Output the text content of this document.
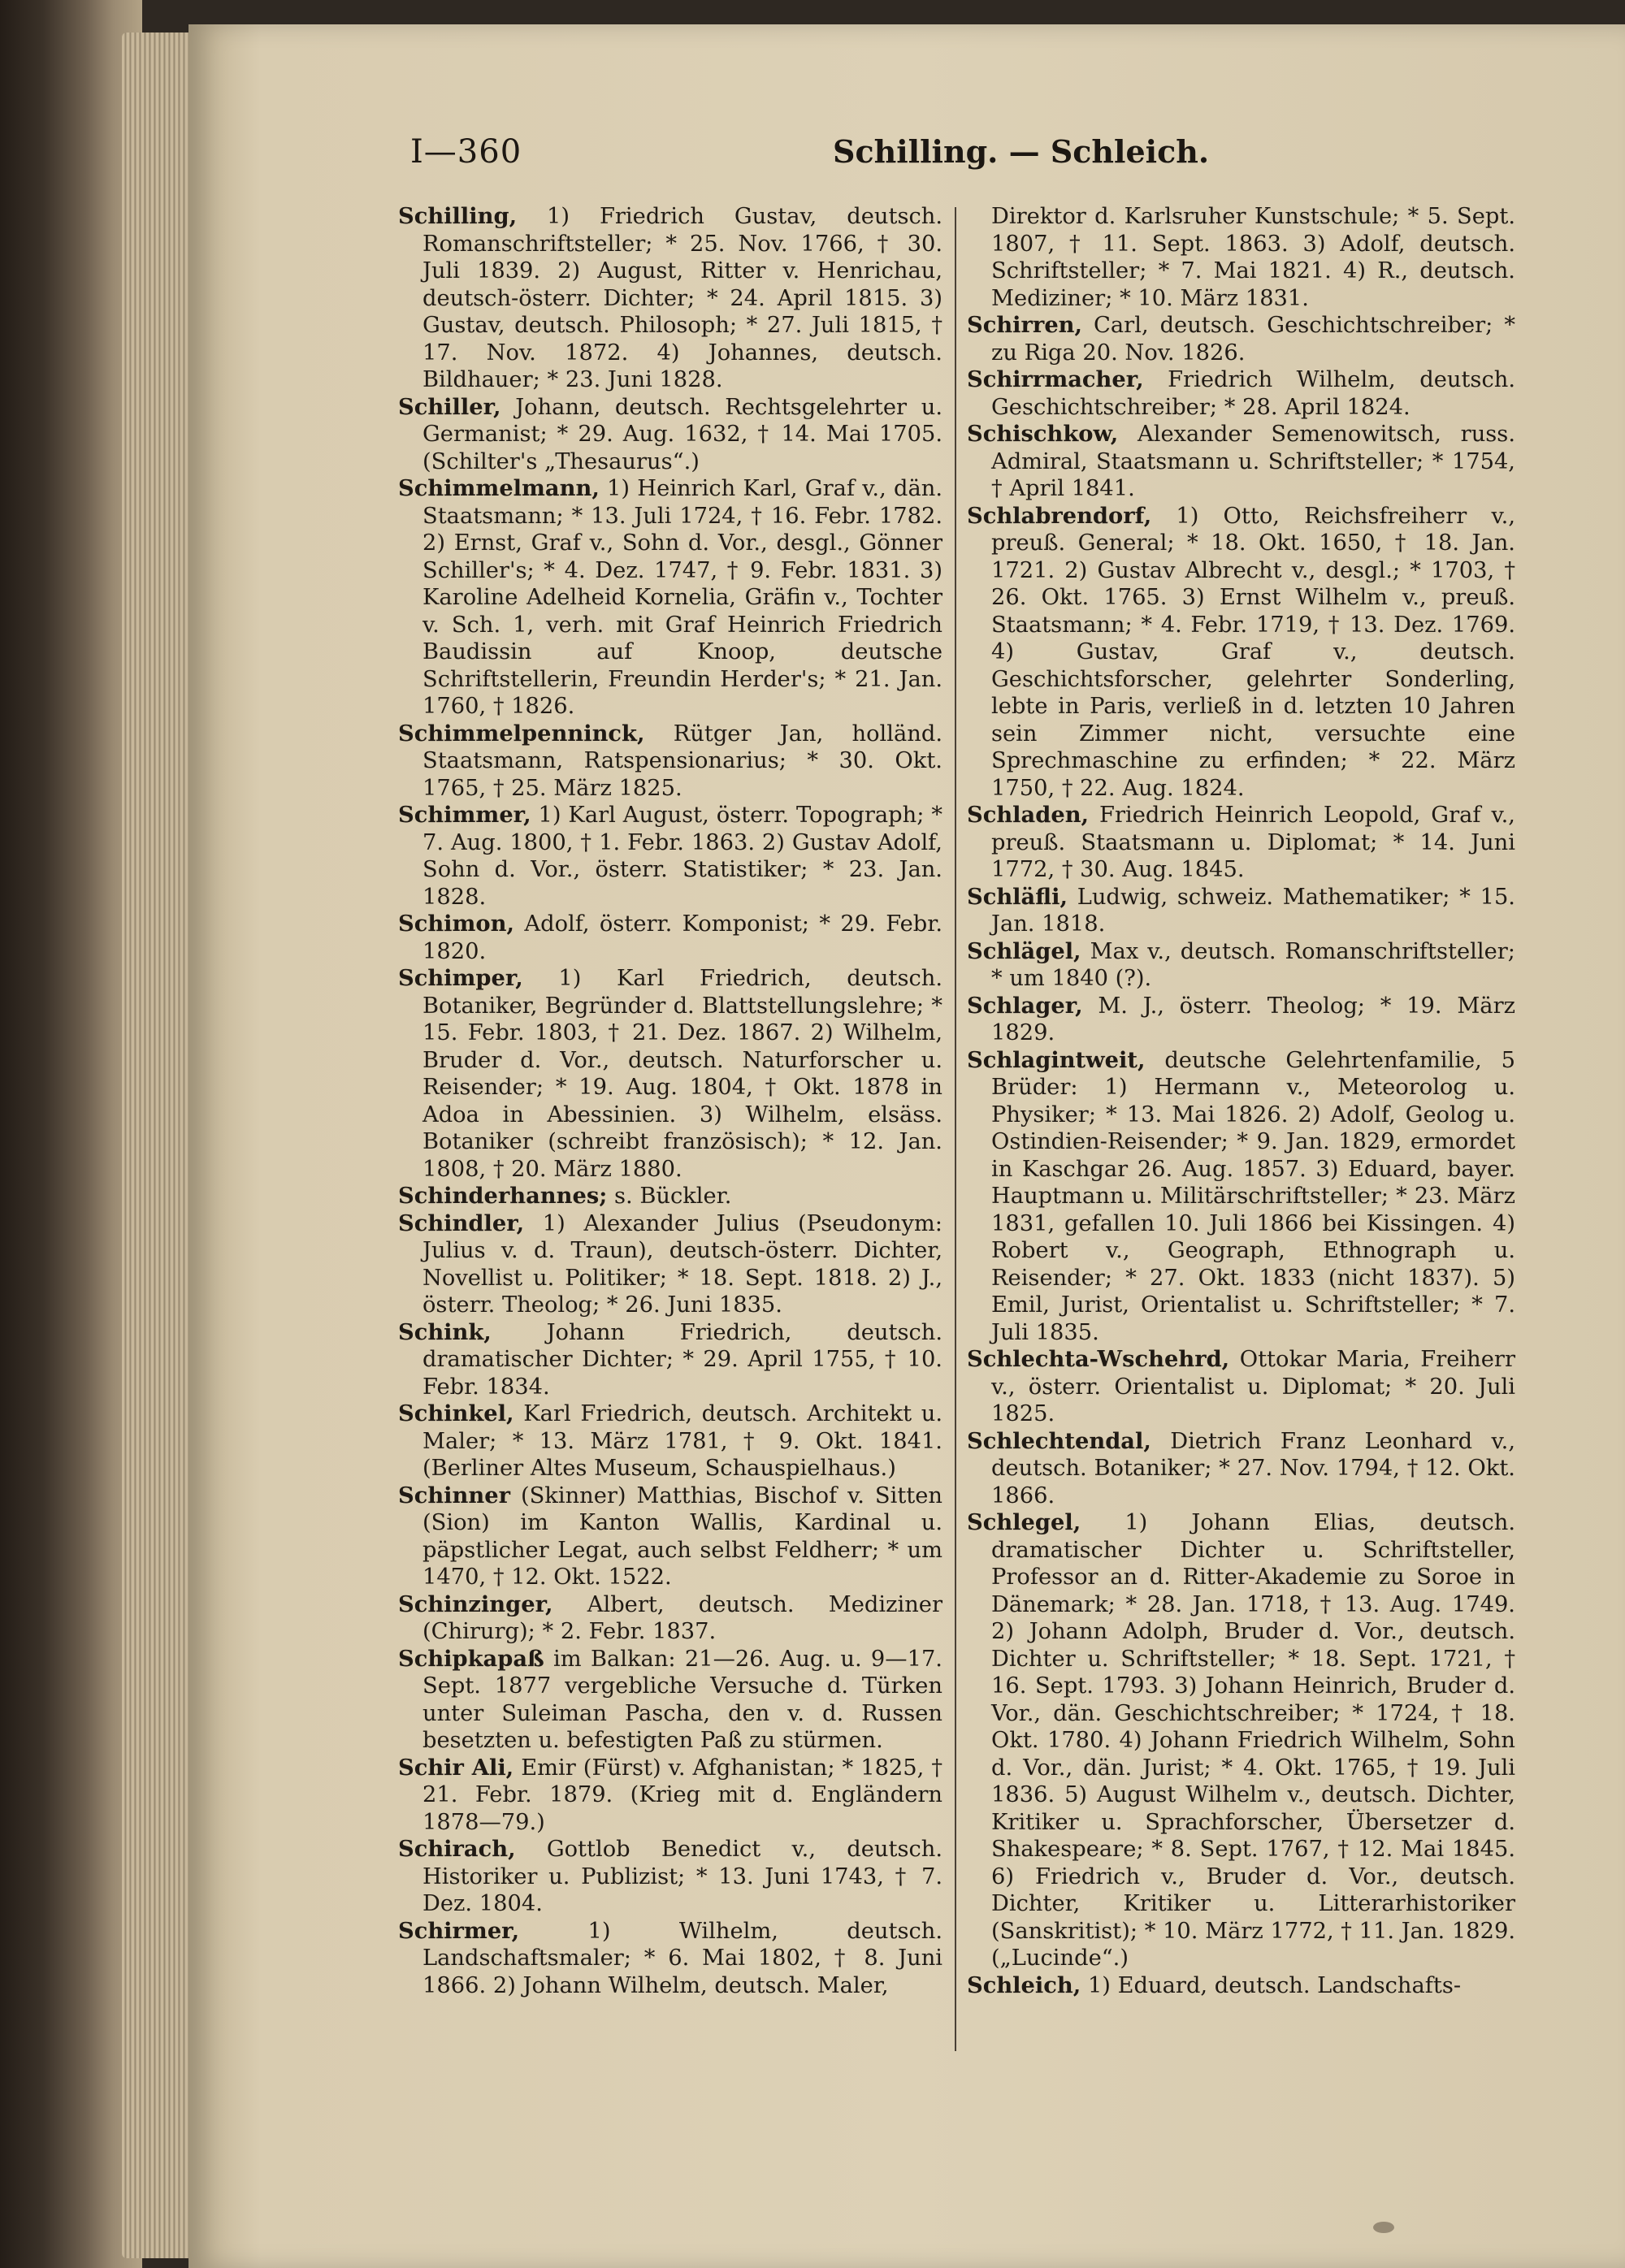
I—360	Schilling. — Schleich.

Schilling, 1) Friedrich Gustav, deutsch. Romanschriftsteller; * 25. Nov. 1766, † 30. Juli 1839. 2) August, Ritter v. Henrichau, deutsch-österr. Dichter; * 24. April 1815. 3) Gustav, deutsch. Philosoph; * 27. Juli 1815, † 17. Nov. 1872. 4) Johannes, deutsch. Bildhauer; * 23. Juni 1828.

Schiller, Johann, deutsch. Rechtsgelehrter u. Germanist; * 29. Aug. 1632, † 14. Mai 1705. (Schilter's „Thesaurus“.)

Schimmelmann, 1) Heinrich Karl, Graf v., dän. Staatsmann; * 13. Juli 1724, † 16. Febr. 1782. 2) Ernst, Graf v., Sohn d. Vor., desgl., Gönner Schiller's; * 4. Dez. 1747, † 9. Febr. 1831. 3) Karoline Adelheid Kornelia, Gräfin v., Tochter v. Sch. 1, verh. mit Graf Heinrich Friedrich Baudissin auf Knoop, deutsche Schriftstellerin, Freundin Herder's; * 21. Jan. 1760, † 1826.

Schimmelpenninck, Rütger Jan, holländ. Staatsmann, Ratspensionarius; * 30. Okt. 1765, † 25. März 1825.

Schimmer, 1) Karl August, österr. Topograph; * 7. Aug. 1800, † 1. Febr. 1863. 2) Gustav Adolf, Sohn d. Vor., österr. Statistiker; * 23. Jan. 1828.

Schimon, Adolf, österr. Komponist; * 29. Febr. 1820.

Schimper, 1) Karl Friedrich, deutsch. Botaniker, Begründer d. Blattstellungslehre; * 15. Febr. 1803, † 21. Dez. 1867. 2) Wilhelm, Bruder d. Vor., deutsch. Naturforscher u. Reisender; * 19. Aug. 1804, † Okt. 1878 in Adoa in Abessinien. 3) Wilhelm, elsäss. Botaniker (schreibt französisch); * 12. Jan. 1808, † 20. März 1880.

Schinderhannes; s. Bückler.

Schindler, 1) Alexander Julius (Pseudonym: Julius v. d. Traun), deutsch-österr. Dichter, Novellist u. Politiker; * 18. Sept. 1818. 2) J., österr. Theolog; * 26. Juni 1835.

Schink, Johann Friedrich, deutsch. dramatischer Dichter; * 29. April 1755, † 10. Febr. 1834.

Schinkel, Karl Friedrich, deutsch. Architekt u. Maler; * 13. März 1781, † 9. Okt. 1841. (Berliner Altes Museum, Schauspielhaus.)

Schinner (Skinner) Matthias, Bischof v. Sitten (Sion) im Kanton Wallis, Kardinal u. päpstlicher Legat, auch selbst Feldherr; * um 1470, † 12. Okt. 1522.

Schinzinger, Albert, deutsch. Mediziner (Chirurg); * 2. Febr. 1837.

Schipkapaß im Balkan: 21—26. Aug. u. 9—17. Sept. 1877 vergebliche Versuche d. Türken unter Suleiman Pascha, den v. d. Russen besetzten u. befestigten Paß zu stürmen.

Schir Ali, Emir (Fürst) v. Afghanistan; * 1825, † 21. Febr. 1879. (Krieg mit d. Engländern 1878—79.)

Schirach, Gottlob Benedict v., deutsch. Historiker u. Publizist; * 13. Juni 1743, † 7. Dez. 1804.

Schirmer, 1) Wilhelm, deutsch. Landschaftsmaler; * 6. Mai 1802, † 8. Juni 1866. 2) Johann Wilhelm, deutsch. Maler,

Direktor d. Karlsruher Kunstschule; * 5. Sept. 1807, † 11. Sept. 1863. 3) Adolf, deutsch. Schriftsteller; * 7. Mai 1821. 4) R., deutsch. Mediziner; * 10. März 1831.

Schirren, Carl, deutsch. Geschichtschreiber; * zu Riga 20. Nov. 1826.

Schirrmacher, Friedrich Wilhelm, deutsch. Geschichtschreiber; * 28. April 1824.

Schischkow, Alexander Semenowitsch, russ. Admiral, Staatsmann u. Schriftsteller; * 1754, † April 1841.

Schlabrendorf, 1) Otto, Reichsfreiherr v., preuß. General; * 18. Okt. 1650, † 18. Jan. 1721. 2) Gustav Albrecht v., desgl.; * 1703, † 26. Okt. 1765. 3) Ernst Wilhelm v., preuß. Staatsmann; * 4. Febr. 1719, † 13. Dez. 1769. 4) Gustav, Graf v., deutsch. Geschichtsforscher, gelehrter Sonderling, lebte in Paris, verließ in d. letzten 10 Jahren sein Zimmer nicht, versuchte eine Sprechmaschine zu erfinden; * 22. März 1750, † 22. Aug. 1824.

Schladen, Friedrich Heinrich Leopold, Graf v., preuß. Staatsmann u. Diplomat; * 14. Juni 1772, † 30. Aug. 1845.

Schläfli, Ludwig, schweiz. Mathematiker; * 15. Jan. 1818.

Schlägel, Max v., deutsch. Romanschriftsteller; * um 1840 (?).

Schlager, M. J., österr. Theolog; * 19. März 1829.

Schlagintweit, deutsche Gelehrtenfamilie, 5 Brüder: 1) Hermann v., Meteorolog u. Physiker; * 13. Mai 1826. 2) Adolf, Geolog u. Ostindien-Reisender; * 9. Jan. 1829, ermordet in Kaschgar 26. Aug. 1857. 3) Eduard, bayer. Hauptmann u. Militärschriftsteller; * 23. März 1831, gefallen 10. Juli 1866 bei Kissingen. 4) Robert v., Geograph, Ethnograph u. Reisender; * 27. Okt. 1833 (nicht 1837). 5) Emil, Jurist, Orientalist u. Schriftsteller; * 7. Juli 1835.

Schlechta-Wschehrd, Ottokar Maria, Freiherr v., österr. Orientalist u. Diplomat; * 20. Juli 1825.

Schlechtendal, Dietrich Franz Leonhard v., deutsch. Botaniker; * 27. Nov. 1794, † 12. Okt. 1866.

Schlegel, 1) Johann Elias, deutsch. dramatischer Dichter u. Schriftsteller, Professor an d. Ritter-Akademie zu Soroe in Dänemark; * 28. Jan. 1718, † 13. Aug. 1749. 2) Johann Adolph, Bruder d. Vor., deutsch. Dichter u. Schriftsteller; * 18. Sept. 1721, † 16. Sept. 1793. 3) Johann Heinrich, Bruder d. Vor., dän. Geschichtschreiber; * 1724, † 18. Okt. 1780. 4) Johann Friedrich Wilhelm, Sohn d. Vor., dän. Jurist; * 4. Okt. 1765, † 19. Juli 1836. 5) August Wilhelm v., deutsch. Dichter, Kritiker u. Sprachforscher, Übersetzer d. Shakespeare; * 8. Sept. 1767, † 12. Mai 1845. 6) Friedrich v., Bruder d. Vor., deutsch. Dichter, Kritiker u. Litterarhistoriker (Sanskritist); * 10. März 1772, † 11. Jan. 1829. („Lucinde“.)

Schleich, 1) Eduard, deutsch. Landschafts-
